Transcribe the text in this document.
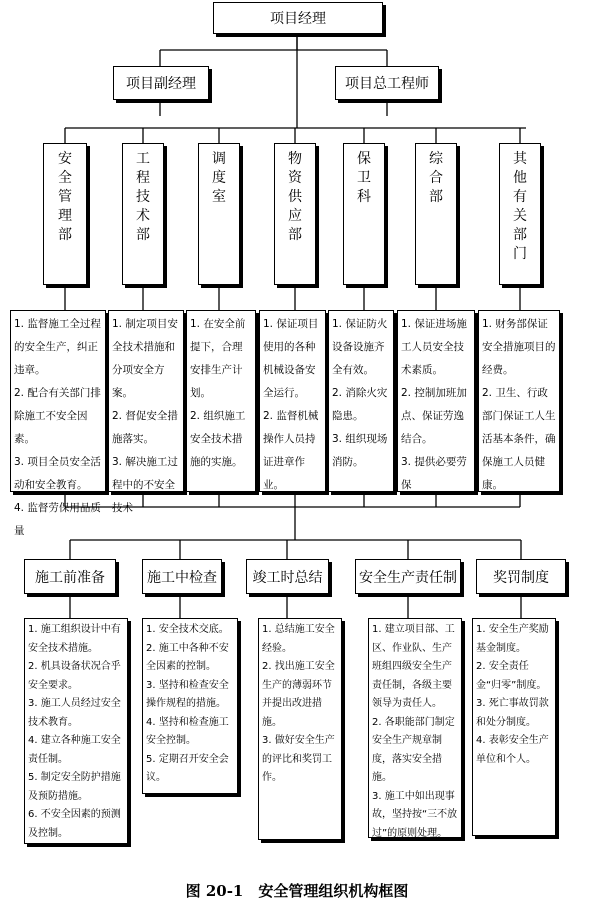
项目经理
项目副经理	项目总工程师
安全管理部
工程技术部
调度室
物资供应部
保卫科
综合部
其他有关部门

1. 监督施工全过程的安全生产，纠正违章。

2. 配合有关部门排除施工不安全因素。

3. 项目全员安全活动和安全教育。

4. 监督劳保用品质量

1. 制定项目安全技术措施和分项安全方案。

2. 督促安全措施落实。

3. 解决施工过程中的不安全技术

1. 在安全前提下，合理安排生产计划。

2. 组织施工安全技术措施的实施。

1. 保证项目使用的各种机械设备安全运行。

2. 监督机械操作人员持证进章作业。

1. 保证防火设备设施齐全有效。

2. 消除火灾隐患。

3. 组织现场消防。

1. 保证进场施工人员安全技术素质。

2. 控制加班加点、保证劳逸结合。

3. 提供必要劳保

1. 财务部保证安全措施项目的经费。

2. 卫生、行政部门保证工人生活基本条件，确保施工人员健康。

施工前准备	施工中检查	竣工时总结	安全生产责任制	奖罚制度

1. 施工组织设计中有安全技术措施。

2. 机具设备状况合乎安全要求。

3. 施工人员经过安全技术教育。

4. 建立各种施工安全责任制。

5. 制定安全防护措施及预防措施。

6. 不安全因素的预测及控制。

1. 安全技术交底。

2. 施工中各种不安全因素的控制。

3. 坚持和检查安全操作规程的措施。

4. 坚持和检查施工安全控制。

5. 定期召开安全会议。

1. 总结施工安全经验。

2. 找出施工安全生产的薄弱环节并提出改进措施。

3. 做好安全生产的评比和奖罚工作。

1. 建立项目部、工区、作业队、生产班组四级安全生产责任制，各级主要领导为责任人。

2. 各职能部门制定安全生产规章制度，落实安全措施。

3. 施工中如出现事故，坚持按“三不放过”的原则处理。

1. 安全生产奖励基金制度。

2. 安全责任金“归零”制度。

3. 死亡事故罚款和处分制度。

4. 表彰安全生产单位和个人。

图 20-1　安全管理组织机构框图
